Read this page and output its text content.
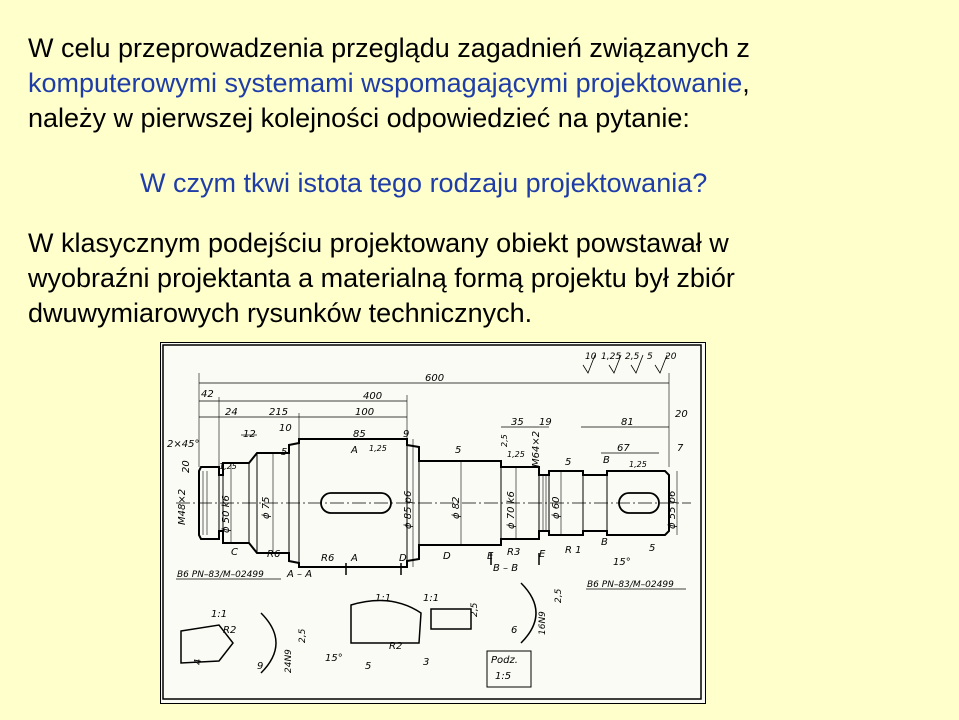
W celu przeprowadzenia przeglądu zagadnień związanych z
komputerowymi systemami wspomagającymi projektowanie,
należy w pierwszej kolejności odpowiedzieć na pytanie:

W czym tkwi istota tego rodzaju projektowania?

W klasycznym podejściu projektowany obiekt powstawał w
wyobraźni projektanta a materialną formą projektu był zbiór
dwuwymiarowych rysunków technicznych.

600
400
42
24	215	100
35 19	81
20
12
10
85	9
67	7
2×45°
20
M48×2
M64×2
ϕ 50 k6	ϕ 75	ϕ 85 p6	ϕ 82	ϕ 70 k6	ϕ 60	ϕ 55 p6
1,25
1,25
1,25
1,25
5	5
5
2,5
A
B
C	R6	R6 A	D	D	E R3 E R 1
B
15°
5
A – A
B – B
B6 PN–83/M–02499
B6 PN–83/M–02499
10 1,25 2,5 5 20
1:1
R2
4
2,5
9 24N9
1:1
15°
5
R2
1:1
3
2,5
6 16N9
2,5
Podz.
1:5
